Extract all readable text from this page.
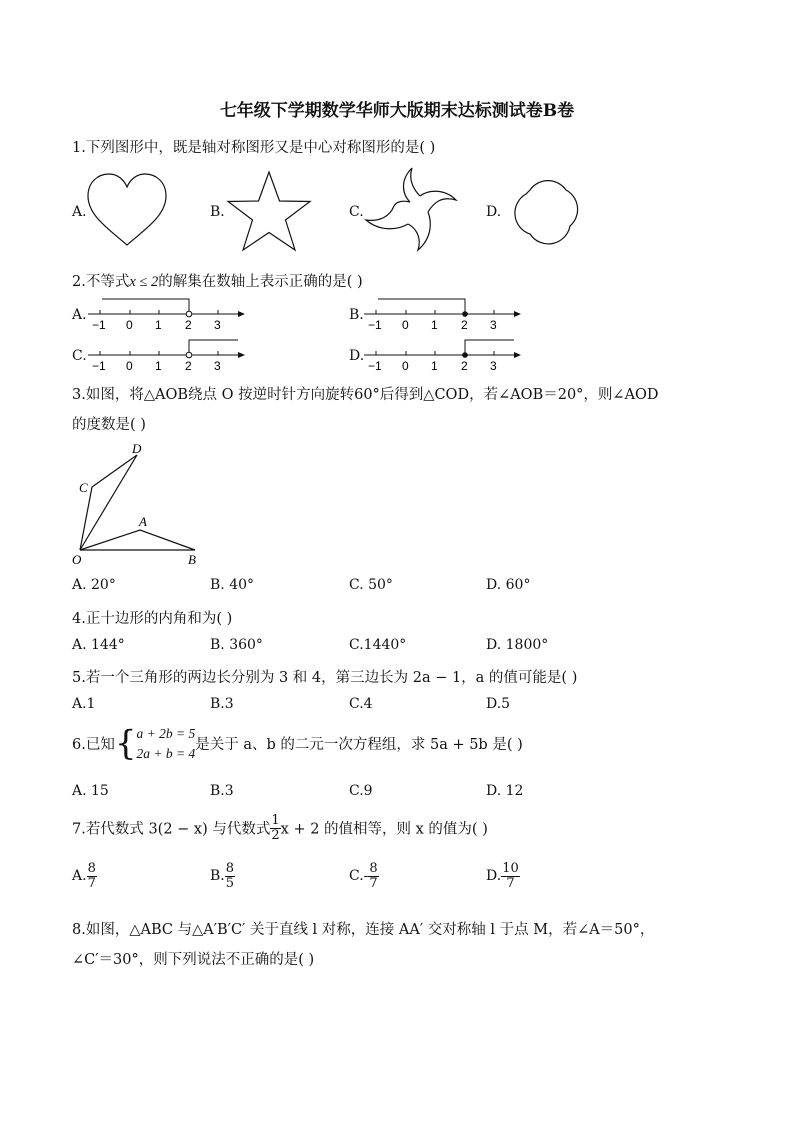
七年级下学期数学华师大版期末达标测试卷B卷
1.下列图形中，既是轴对称图形又是中心对称图形的是( )
A.	B.	C.	D.
2.不等式x ≤ 2的解集在数轴上表示正确的是( )
A.	B.
C.	D.
−1 0 1 2 3	−1 0 1 2 3
−1 0 1 2 3	−1 0 1 2 3
3.如图，将△AOB绕点 O 按逆时针方向旋转60°后得到△COD，若∠AOB＝20°，则∠AOD
的度数是( )
D
C
A
O	B
A. 20°	B. 40°	C. 50°	D. 60°
4.正十边形的内角和为( )
A. 144°	B. 360°	C.1440°	D. 1800°
5.若一个三角形的两边长分别为 3 和 4，第三边长为 2a − 1，a 的值可能是( )
A.1	B.3	C.4	D.5
6.已知{ a + 2b = 5
2a + b = 4 是关于 a、b 的二元一次方程组，求 5a + 5b 是( )
A. 15	B.3	C.9	D. 12
7.若代数式 3(2 − x) 与代数式 $\frac{1}{2}$ x + 2 的值相等，则 x 的值为( )
A. $\frac{8}{7}$	B. $\frac{8}{5}$	$C.- \frac{8}{7}$	D. $\frac{10}{7}$
8.如图，△ABC 与△A′B′C′ 关于直线 l 对称，连接 AA′ 交对称轴 l 于点 M，若∠A＝50°，
∠C′＝30°，则下列说法不正确的是( )
